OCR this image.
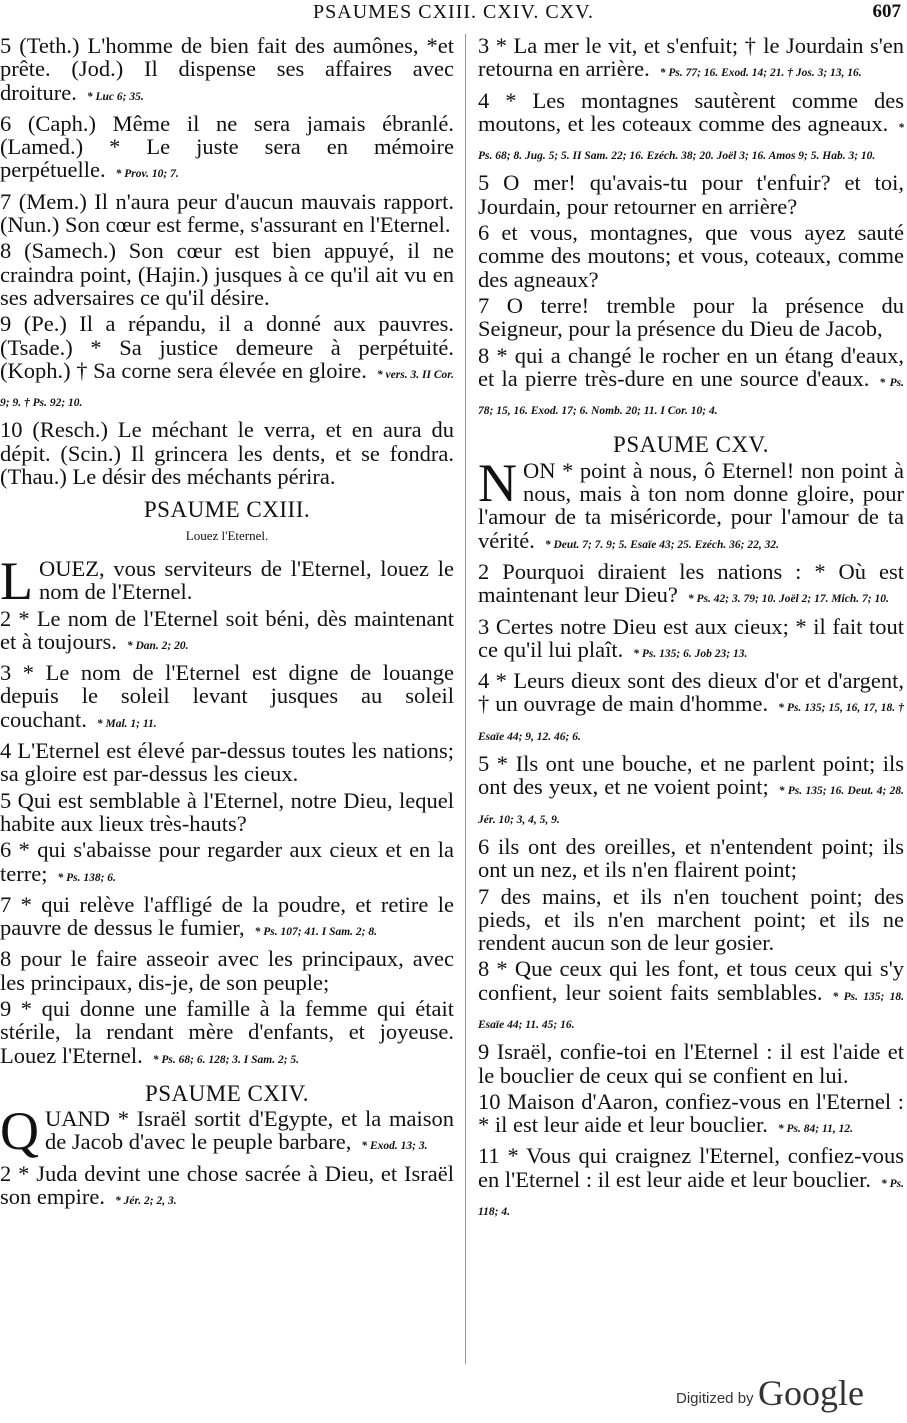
PSAUMES CXIII. CXIV. CXV.	607

5 (Teth.) L'homme de bien fait des aumônes, *et prête. (Jod.) Il dispense ses affaires avec droiture. * Luc 6; 35.

6 (Caph.) Même il ne sera jamais ébranlé. (Lamed.) * Le juste sera en mémoire perpétuelle. * Prov. 10; 7.

7 (Mem.) Il n'aura peur d'aucun mauvais rapport. (Nun.) Son cœur est ferme, s'assurant en l'Eternel.

8 (Samech.) Son cœur est bien appuyé, il ne craindra point, (Hajin.) jusques à ce qu'il ait vu en ses adversaires ce qu'il désire.

9 (Pe.) Il a répandu, il a donné aux pauvres. (Tsade.) * Sa justice demeure à perpétuité. (Koph.) † Sa corne sera élevée en gloire. * vers. 3. II Cor. 9; 9. † Ps. 92; 10.

10 (Resch.) Le méchant le verra, et en aura du dépit. (Scin.) Il grincera les dents, et se fondra. (Thau.) Le désir des méchants périra.

PSAUME CXIII.
Louez l'Eternel.

LOUEZ, vous serviteurs de l'Eternel, louez le nom de l'Eternel.

2 * Le nom de l'Eternel soit béni, dès maintenant et à toujours. * Dan. 2; 20.

3 * Le nom de l'Eternel est digne de louange depuis le soleil levant jusques au soleil couchant. * Mal. 1; 11.

4 L'Eternel est élevé par-dessus toutes les nations; sa gloire est par-dessus les cieux.

5 Qui est semblable à l'Eternel, notre Dieu, lequel habite aux lieux très-hauts?

6 * qui s'abaisse pour regarder aux cieux et en la terre; * Ps. 138; 6.

7 * qui relève l'affligé de la poudre, et retire le pauvre de dessus le fumier, * Ps. 107; 41. I Sam. 2; 8.

8 pour le faire asseoir avec les principaux, avec les principaux, dis-je, de son peuple;

9 * qui donne une famille à la femme qui était stérile, la rendant mère d'enfants, et joyeuse. Louez l'Eternel. * Ps. 68; 6. 128; 3. I Sam. 2; 5.

PSAUME CXIV.

QUAND * Israël sortit d'Egypte, et la maison de Jacob d'avec le peuple barbare, * Exod. 13; 3.

2 * Juda devint une chose sacrée à Dieu, et Israël son empire. * Jér. 2; 2, 3.

3 * La mer le vit, et s'enfuit; † le Jourdain s'en retourna en arrière. * Ps. 77; 16. Exod. 14; 21. † Jos. 3; 13, 16.

4 * Les montagnes sautèrent comme des moutons, et les coteaux comme des agneaux. * Ps. 68; 8. Jug. 5; 5. II Sam. 22; 16. Ezéch. 38; 20. Joël 3; 16. Amos 9; 5. Hab. 3; 10.

5 O mer! qu'avais-tu pour t'enfuir? et toi, Jourdain, pour retourner en arrière?

6 et vous, montagnes, que vous ayez sauté comme des moutons; et vous, coteaux, comme des agneaux?

7 O terre! tremble pour la présence du Seigneur, pour la présence du Dieu de Jacob,

8 * qui a changé le rocher en un étang d'eaux, et la pierre très-dure en une source d'eaux. * Ps. 78; 15, 16. Exod. 17; 6. Nomb. 20; 11. I Cor. 10; 4.

PSAUME CXV.

NON * point à nous, ô Eternel! non point à nous, mais à ton nom donne gloire, pour l'amour de ta miséricorde, pour l'amour de ta vérité. * Deut. 7; 7. 9; 5. Esaïe 43; 25. Ezéch. 36; 22, 32.

2 Pourquoi diraient les nations : * Où est maintenant leur Dieu? * Ps. 42; 3. 79; 10. Joël 2; 17. Mich. 7; 10.

3 Certes notre Dieu est aux cieux; * il fait tout ce qu'il lui plaît. * Ps. 135; 6. Job 23; 13.

4 * Leurs dieux sont des dieux d'or et d'argent, † un ouvrage de main d'homme. * Ps. 135; 15, 16, 17, 18. † Esaïe 44; 9, 12. 46; 6.

5 * Ils ont une bouche, et ne parlent point; ils ont des yeux, et ne voient point; * Ps. 135; 16. Deut. 4; 28. Jér. 10; 3, 4, 5, 9.

6 ils ont des oreilles, et n'entendent point; ils ont un nez, et ils n'en flairent point;

7 des mains, et ils n'en touchent point; des pieds, et ils n'en marchent point; et ils ne rendent aucun son de leur gosier.

8 * Que ceux qui les font, et tous ceux qui s'y confient, leur soient faits semblables. * Ps. 135; 18. Esaïe 44; 11. 45; 16.

9 Israël, confie-toi en l'Eternel : il est l'aide et le bouclier de ceux qui se confient en lui.

10 Maison d'Aaron, confiez-vous en l'Eternel : * il est leur aide et leur bouclier. * Ps. 84; 11, 12.

11 * Vous qui craignez l'Eternel, confiez-vous en l'Eternel : il est leur aide et leur bouclier. * Ps. 118; 4.

Digitized by Google
